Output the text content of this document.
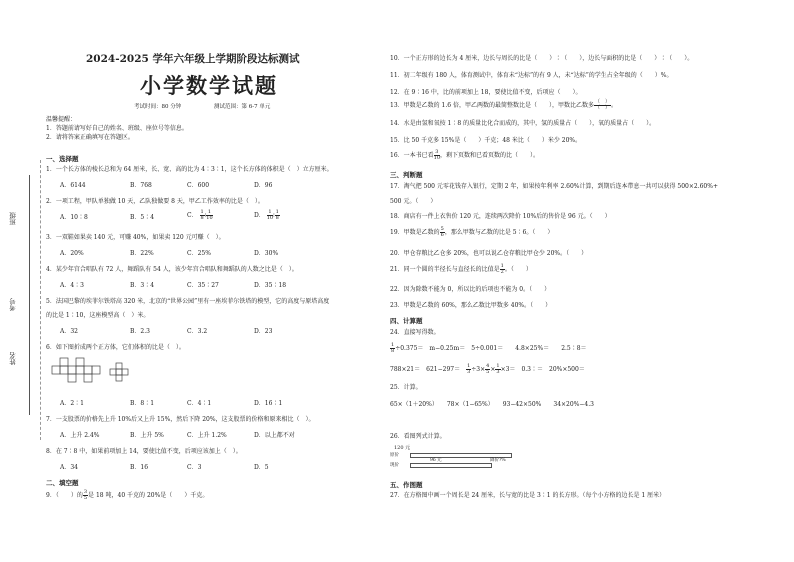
班级
考号
姓名
2024-2025 学年六年级上学期阶段达标测试
小学数学试题
考试时间：80 分钟	测试范围：第 6-7 单元
温馨提醒：
1．答题前请写好自己的姓名、班级、座位号等信息。
2．请将答案正确填写在答题区。
一、选择题
1．一个长方体的棱长总和为 64 厘米，长、宽、高的比为 4∶3∶1，这个长方体的体积是（　）立方厘米。
A．6144	B．768	C．600	D．96
2．一项工程，甲队单独做 10 天，乙队独做要 8 天，甲乙工作效率的比是（　）。
A．10∶8	B．5∶4	C． $\frac{1}{8}$ ∶ $\frac{1}{10}$	D． $\frac{1}{10}$ ∶ $\frac{1}{8}$
3．一双鞋如果卖 140 元，可赚 40%，如果卖 120 元可赚（　）。
A．20%	B．22%	C．25%	D．30%
4．某少年宫合唱队有 72 人，舞蹈队有 54 人，该少年宫合唱队和舞蹈队的人数之比是（　）。
A．4∶3	B．3∶4	C．35∶27	D．35∶18
5．法国巴黎的埃菲尔铁塔高 320 米，北京的“世界公园”里有一座埃菲尔铁塔的模型，它的高度与原塔高度
的比是 1∶10，这座模型高（　）米。
A．32	B．2.3	C．3.2	D．23
6．如下图折成两个正方体，它们体积的比是（　）。
A．2∶1	B．8∶1	C．4∶1	D．16∶1
7．一支股票的价格先上升 10%后又上升 15%，然后下降 20%，这支股票的价格和原来相比（　）。
A．上升 2.4%	B．上升 5%	C．上升 1.2%	D．以上都不对
8．在 7∶8 中，如果前项加上 14，要使比值不变，后项应该加上（　）。
A．34	B．16	C．3	D．5
二、填空题
9．（　　 ）的 $\frac{3}{5}$ 是 18 吨，40 千克的 20%是（　　 ）千克。
10．一个正方形的边长为 4 厘米，边长与周长的比是（　　）∶（　　），边长与面积的比是（　　）∶（　　）。
11．初二年级有 180 人，体育测试中，体育未“达标”的有 9 人，未“达标”的学生占全年级的（　　）%。
12．在 9∶16 中，比的前项加上 18，要使比值不变，后项应（　　）。
13．甲数是乙数的 1.6 倍，甲乙两数的最简整数比是（　　），甲数比乙数多 $\frac{( )}{( )}$ 。
14．水是由氢和氧按 1∶8 的质量比化合而成的，其中，氢的质量占（　　），氧的质量占（　　）。
15．比 50 千克多 15%是（　　）千克；48 米比（　　）米少 20%。
16．一本书已看 $\frac{3}{10}$ ，剩下页数和已看页数的比（　　）。
三、判断题
17．淘气把 500 元零花钱存入银行，定期 2 年，如果按年利率 2.60%计算，到期后连本带息一共可以获得 500×2.60%+
500 元。（　　）
18．商店有一件上衣售价 120 元，连续两次降价 10%后的售价是 96 元。（　　）
19．甲数是乙数的 $\frac{5}{6}$ ，那么甲数与乙数的比是 5∶6。（　　）
20．甲仓存粮比乙仓多 20%，也可以说乙仓存粮比甲仓少 20%。（　　）
21．同一个圆的半径长与直径长的比值是 $\frac{1}{2}$ 。（　　）
22．因为除数不能为 0，所以比的后项也不能为 0。（　　）
23．甲数是乙数的 60%，那么乙数比甲数多 40%。（　　）
四、计算题
24．直接写得数。
$\frac{1}{8} \div 0.375=$　 m−0.25m＝　 5÷0.001＝　　 4.8×25%＝　　 2.5∶8＝
788×21＝　 621−297＝　 $\frac{1}{3} \div 3\times \frac{4}{5} \times \frac{1}{3} \times 3=$　 0.3∶＝　 20%×500＝
25．计算。
65×（1＋20%）　　 78×（1−65%）　　 93−42×50%　　 34×20%−4.3
26．看图列式计算。
120 元
原价
现价
96 元	降价?%
五、作图题
27．在方格图中画一个周长是 24 厘米，长与宽的比是 3∶1 的长方形。（每个小方格的边长是 1 厘米）
